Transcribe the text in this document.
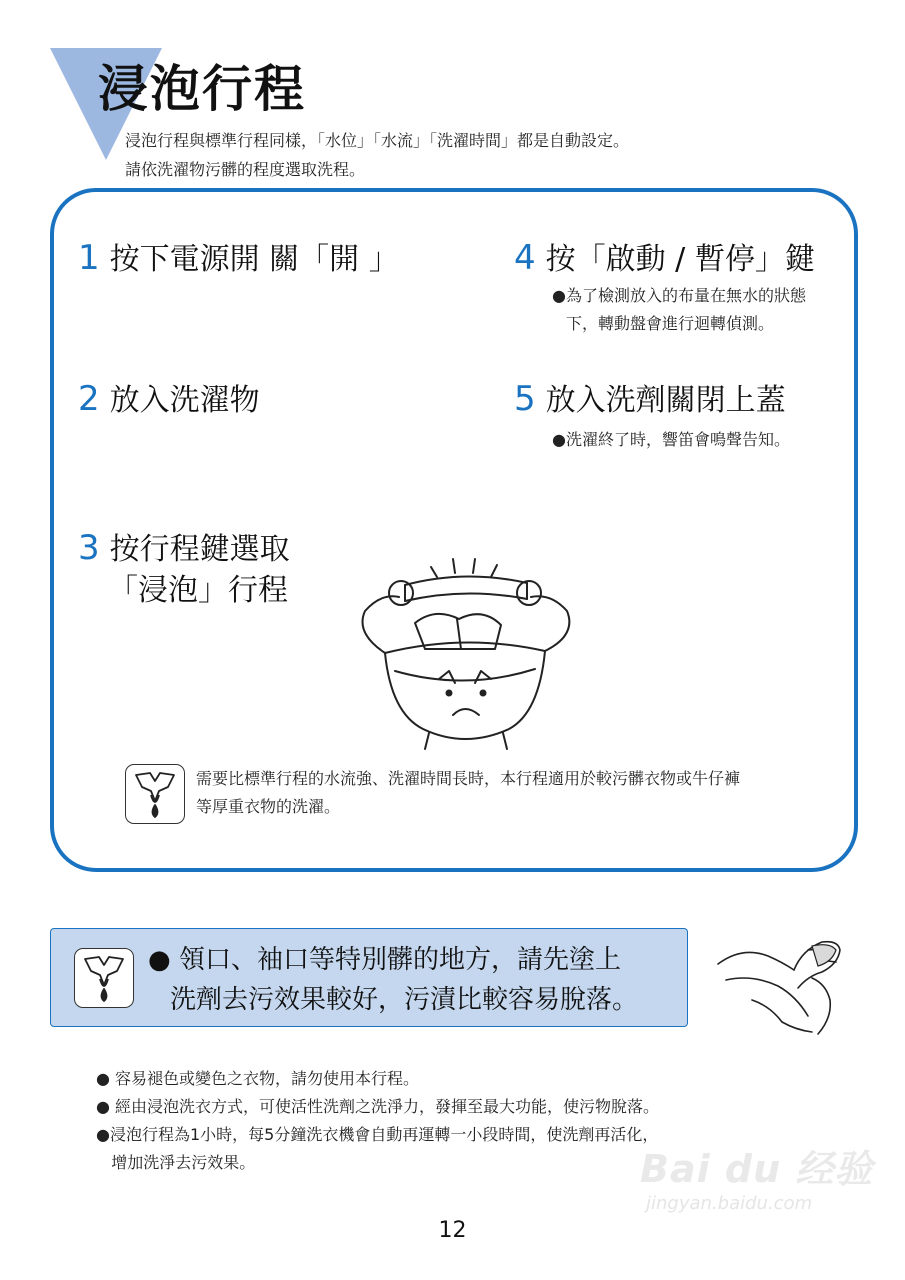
浸泡行程
浸泡行程與標準行程同樣，「水位」「水流」「洗濯時間」都是自動設定。
請依洗濯物污髒的程度選取洗程。
1 按下電源開 關「開 」
2 放入洗濯物
3 按行程鍵選取
「浸泡」行程
4 按「啟動 / 暫停」鍵
●為了檢測放入的布量在無水的狀態
下，轉動盤會進行迴轉偵測。
5 放入洗劑關閉上蓋
●洗濯終了時，響笛會鳴聲告知。
需要比標準行程的水流強、洗濯時間長時，本行程適用於較污髒衣物或牛仔褲
等厚重衣物的洗濯。
● 領口、袖口等特別髒的地方，請先塗上
洗劑去污效果較好，污漬比較容易脫落。

● 容易褪色或變色之衣物，請勿使用本行程。

● 經由浸泡洗衣方式，可使活性洗劑之洗淨力，發揮至最大功能，使污物脫落。

●浸泡行程為1小時，每5分鐘洗衣機會自動再運轉一小段時間，使洗劑再活化，

增加洗淨去污效果。	Bai du 经验
jingyan.baidu.com
12
